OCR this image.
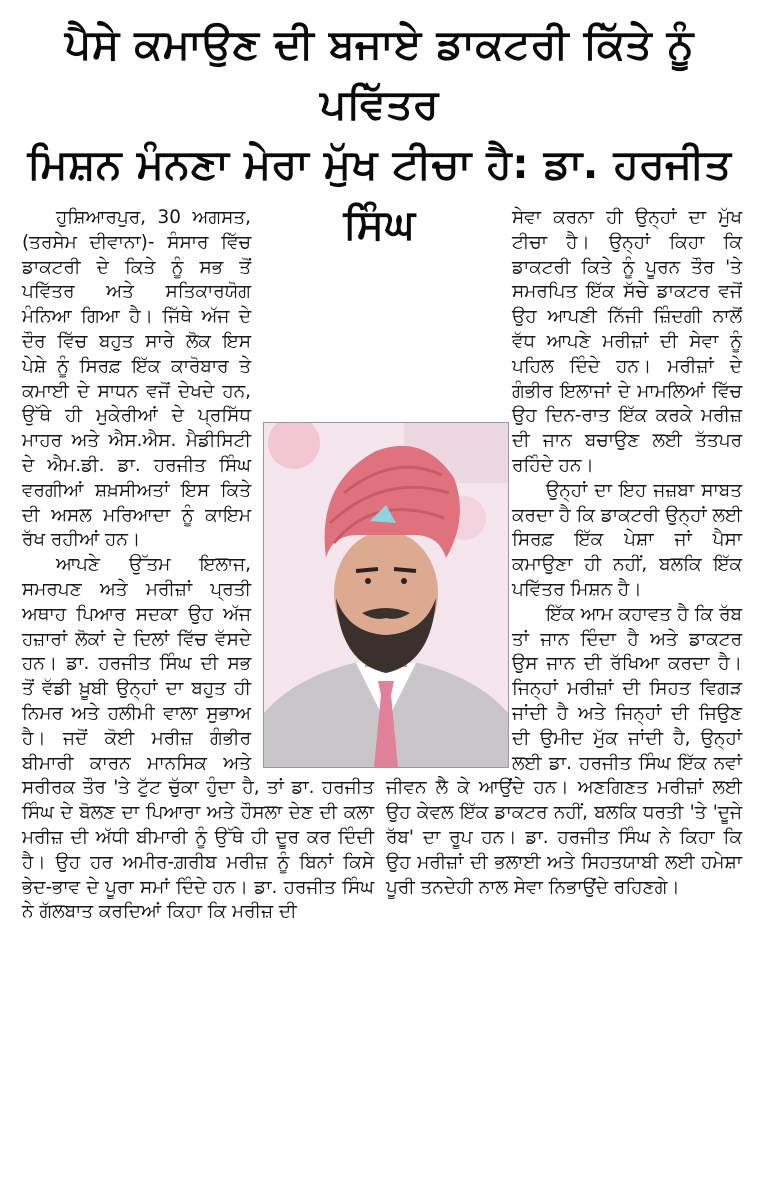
ਪੈਸੇ ਕਮਾਉਣ ਦੀ ਬਜਾਏ ਡਾਕਟਰੀ ਕਿੱਤੇ ਨੂੰ ਪਵਿੱਤਰ
ਮਿਸ਼ਨ ਮੰਨਣਾ ਮੇਰਾ ਮੁੱਖ ਟੀਚਾ ਹੈ: ਡਾ. ਹਰਜੀਤ ਸਿੰਘ

ਹੁਸ਼ਿਆਰਪੁਰ, 30 ਅਗਸਤ, (ਤਰਸੇਮ ਦੀਵਾਨਾ)- ਸੰਸਾਰ ਵਿੱਚ ਡਾਕਟਰੀ ਦੇ ਕਿਤੇ ਨੂੰ ਸਭ ਤੋਂ ਪਵਿੱਤਰ ਅਤੇ ਸਤਿਕਾਰਯੋਗ ਮੰਨਿਆ ਗਿਆ ਹੈ। ਜਿੱਥੇ ਅੱਜ ਦੇ ਦੌਰ ਵਿੱਚ ਬਹੁਤ ਸਾਰੇ ਲੋਕ ਇਸ ਪੇਸ਼ੇ ਨੂੰ ਸਿਰਫ਼ ਇੱਕ ਕਾਰੋਬਾਰ ਤੇ ਕਮਾਈ ਦੇ ਸਾਧਨ ਵਜੋਂ ਦੇਖਦੇ ਹਨ, ਉੱਥੇ ਹੀ ਮੁਕੇਰੀਆਂ ਦੇ ਪ੍ਰਸਿੱਧ ਮਾਹਰ ਅਤੇ ਐਸ.ਐਸ. ਮੈਡੀਸਿਟੀ ਦੇ ਐਮ.ਡੀ. ਡਾ. ਹਰਜੀਤ ਸਿੰਘ ਵਰਗੀਆਂ ਸ਼ਖ਼ਸੀਅਤਾਂ ਇਸ ਕਿਤੇ ਦੀ ਅਸਲ ਮਰਿਆਦਾ ਨੂੰ ਕਾਇਮ ਰੱਖ ਰਹੀਆਂ ਹਨ।

ਆਪਣੇ ਉੱਤਮ ਇਲਾਜ, ਸਮਰਪਣ ਅਤੇ ਮਰੀਜ਼ਾਂ ਪ੍ਰਤੀ ਅਥਾਹ ਪਿਆਰ ਸਦਕਾ ਉਹ ਅੱਜ ਹਜ਼ਾਰਾਂ ਲੋਕਾਂ ਦੇ ਦਿਲਾਂ ਵਿੱਚ ਵੱਸਦੇ ਹਨ। ਡਾ. ਹਰਜੀਤ ਸਿੰਘ ਦੀ ਸਭ ਤੋਂ ਵੱਡੀ ਖ਼ੂਬੀ ਉਨ੍ਹਾਂ ਦਾ ਬਹੁਤ ਹੀ ਨਿਮਰ ਅਤੇ ਹਲੀਮੀ ਵਾਲਾ ਸੁਭਾਅ ਹੈ। ਜਦੋਂ ਕੋਈ ਮਰੀਜ਼ ਗੰਭੀਰ ਬੀਮਾਰੀ ਕਾਰਨ ਮਾਨਸਿਕ ਅਤੇ ਸਰੀਰਕ ਤੌਰ 'ਤੇ ਟੁੱਟ ਚੁੱਕਾ ਹੁੰਦਾ ਹੈ, ਤਾਂ ਡਾ. ਹਰਜੀਤ ਸਿੰਘ ਦੇ ਬੋਲਣ ਦਾ ਪਿਆਰਾ ਅਤੇ ਹੌਸਲਾ ਦੇਣ ਦੀ ਕਲਾ ਮਰੀਜ਼ ਦੀ ਅੱਧੀ ਬੀਮਾਰੀ ਨੂੰ ਉੱਥੇ ਹੀ ਦੂਰ ਕਰ ਦਿੰਦੀ ਹੈ। ਉਹ ਹਰ ਅਮੀਰ-ਗ਼ਰੀਬ ਮਰੀਜ਼ ਨੂੰ ਬਿਨਾਂ ਕਿਸੇ ਭੇਦ-ਭਾਵ ਦੇ ਪੂਰਾ ਸਮਾਂ ਦਿੰਦੇ ਹਨ। ਡਾ. ਹਰਜੀਤ ਸਿੰਘ ਨੇ ਗੱਲਬਾਤ ਕਰਦਿਆਂ ਕਿਹਾ ਕਿ ਮਰੀਜ਼ ਦੀ

ਸੇਵਾ ਕਰਨਾ ਹੀ ਉਨ੍ਹਾਂ ਦਾ ਮੁੱਖ ਟੀਚਾ ਹੈ। ਉਨ੍ਹਾਂ ਕਿਹਾ ਕਿ ਡਾਕਟਰੀ ਕਿਤੇ ਨੂੰ ਪੂਰਨ ਤੌਰ 'ਤੇ ਸਮਰਪਿਤ ਇੱਕ ਸੱਚੇ ਡਾਕਟਰ ਵਜੋਂ ਉਹ ਆਪਣੀ ਨਿੱਜੀ ਜ਼ਿੰਦਗੀ ਨਾਲੋਂ ਵੱਧ ਆਪਣੇ ਮਰੀਜ਼ਾਂ ਦੀ ਸੇਵਾ ਨੂੰ ਪਹਿਲ ਦਿੰਦੇ ਹਨ। ਮਰੀਜ਼ਾਂ ਦੇ ਗੰਭੀਰ ਇਲਾਜਾਂ ਦੇ ਮਾਮਲਿਆਂ ਵਿੱਚ ਉਹ ਦਿਨ-ਰਾਤ ਇੱਕ ਕਰਕੇ ਮਰੀਜ਼ ਦੀ ਜਾਨ ਬਚਾਉਣ ਲਈ ਤੱਤਪਰ ਰਹਿੰਦੇ ਹਨ।

ਉਨ੍ਹਾਂ ਦਾ ਇਹ ਜਜ਼ਬਾ ਸਾਬਤ ਕਰਦਾ ਹੈ ਕਿ ਡਾਕਟਰੀ ਉਨ੍ਹਾਂ ਲਈ ਸਿਰਫ਼ ਇੱਕ ਪੇਸ਼ਾ ਜਾਂ ਪੈਸਾ ਕਮਾਉਣਾ ਹੀ ਨਹੀਂ, ਬਲਕਿ ਇੱਕ ਪਵਿੱਤਰ ਮਿਸ਼ਨ ਹੈ।

ਇੱਕ ਆਮ ਕਹਾਵਤ ਹੈ ਕਿ ਰੱਬ ਤਾਂ ਜਾਨ ਦਿੰਦਾ ਹੈ ਅਤੇ ਡਾਕਟਰ ਉਸ ਜਾਨ ਦੀ ਰੱਖਿਆ ਕਰਦਾ ਹੈ। ਜਿਨ੍ਹਾਂ ਮਰੀਜ਼ਾਂ ਦੀ ਸਿਹਤ ਵਿਗੜ ਜਾਂਦੀ ਹੈ ਅਤੇ ਜਿਨ੍ਹਾਂ ਦੀ ਜਿਉਣ ਦੀ ਉਮੀਦ ਮੁੱਕ ਜਾਂਦੀ ਹੈ, ਉਨ੍ਹਾਂ ਲਈ ਡਾ. ਹਰਜੀਤ ਸਿੰਘ ਇੱਕ ਨਵਾਂ ਜੀਵਨ ਲੈ ਕੇ ਆਉਂਦੇ ਹਨ। ਅਣਗਿਣਤ ਮਰੀਜ਼ਾਂ ਲਈ ਉਹ ਕੇਵਲ ਇੱਕ ਡਾਕਟਰ ਨਹੀਂ, ਬਲਕਿ ਧਰਤੀ 'ਤੇ 'ਦੂਜੇ ਰੱਬ' ਦਾ ਰੂਪ ਹਨ। ਡਾ. ਹਰਜੀਤ ਸਿੰਘ ਨੇ ਕਿਹਾ ਕਿ ਉਹ ਮਰੀਜ਼ਾਂ ਦੀ ਭਲਾਈ ਅਤੇ ਸਿਹਤਯਾਬੀ ਲਈ ਹਮੇਸ਼ਾ ਪੂਰੀ ਤਨਦੇਹੀ ਨਾਲ ਸੇਵਾ ਨਿਭਾਉਂਦੇ ਰਹਿਣਗੇ।
